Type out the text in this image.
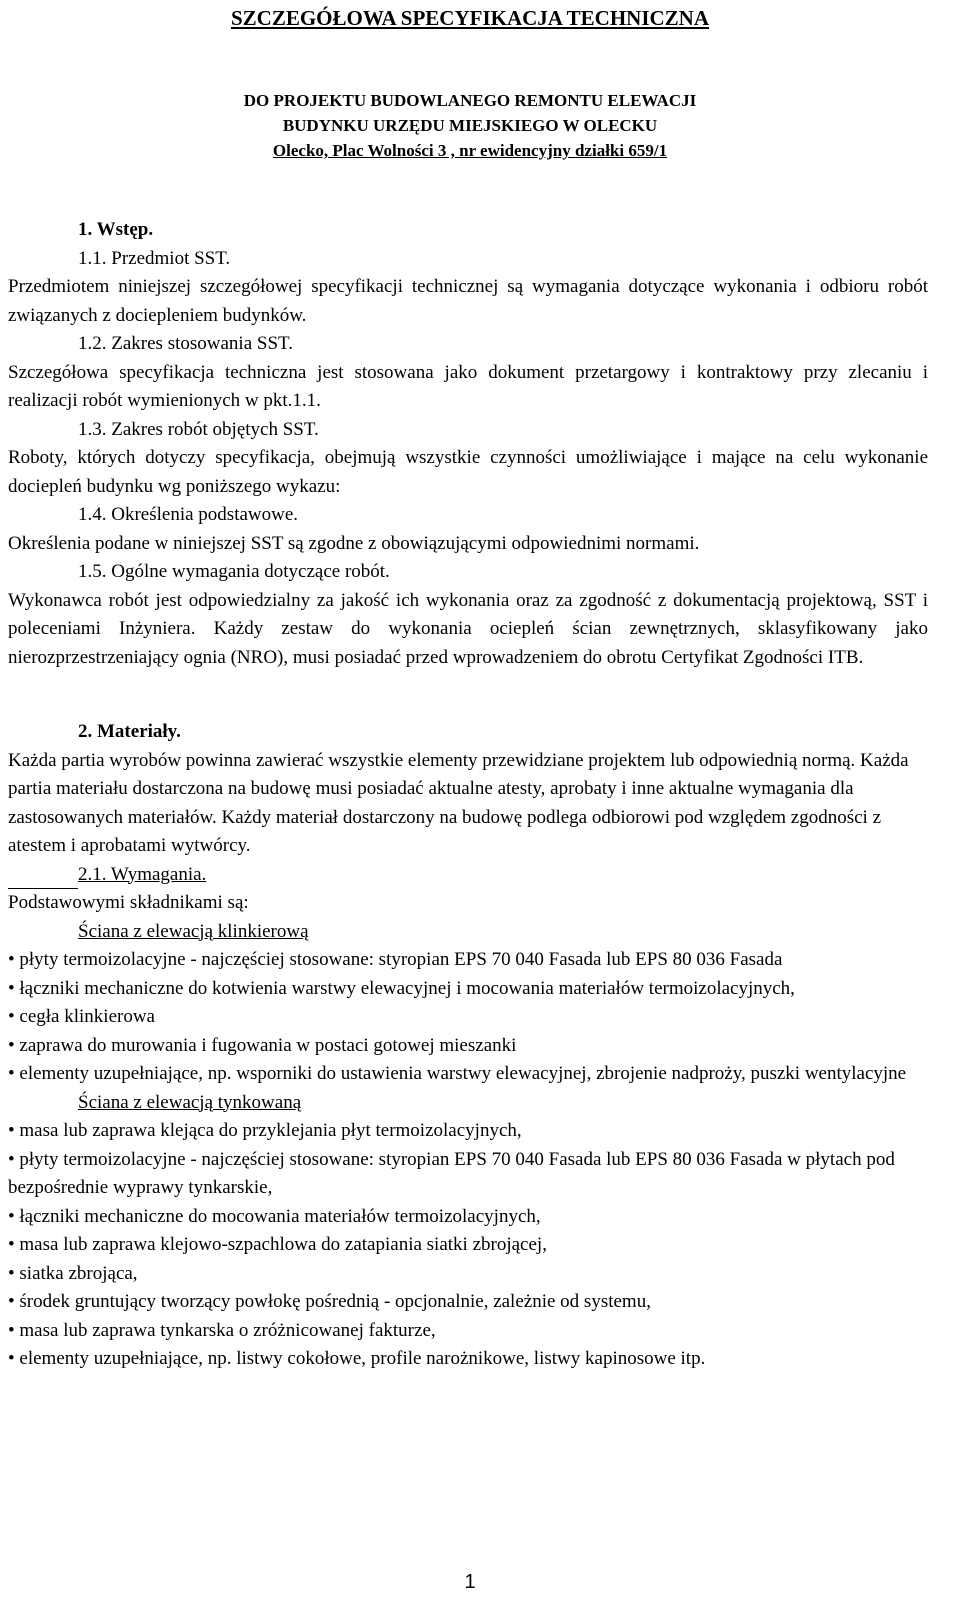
SZCZEGÓŁOWA SPECYFIKACJA TECHNICZNA
DO PROJEKTU BUDOWLANEGO REMONTU ELEWACJI
BUDYNKU URZĘDU MIEJSKIEGO W OLECKU
Olecko, Plac Wolności 3 , nr ewidencyjny działki 659/1

1. Wstęp.

1.1. Przedmiot SST.

Przedmiotem niniejszej szczegółowej specyfikacji technicznej są wymagania dotyczące wykonania i odbioru robót związanych z dociepleniem budynków.

1.2. Zakres stosowania SST.

Szczegółowa specyfikacja techniczna jest stosowana jako dokument przetargowy i kontraktowy przy zlecaniu i realizacji robót wymienionych w pkt.1.1.

1.3. Zakres robót objętych SST.

Roboty, których dotyczy specyfikacja, obejmują wszystkie czynności umożliwiające i mające na celu wykonanie dociepleń budynku wg poniższego wykazu:

1.4. Określenia podstawowe.

Określenia podane w niniejszej SST są zgodne z obowiązującymi odpowiednimi normami.

1.5. Ogólne wymagania dotyczące robót.

Wykonawca robót jest odpowiedzialny za jakość ich wykonania oraz za zgodność z dokumentacją projektową, SST i poleceniami Inżyniera. Każdy zestaw do wykonania ociepleń ścian zewnętrznych, sklasyfikowany jako nierozprzestrzeniający ognia (NRO), musi posiadać przed wprowadzeniem do obrotu Certyfikat Zgodności ITB.

2. Materiały.

Każda partia wyrobów powinna zawierać wszystkie elementy przewidziane projektem lub odpowiednią normą. Każda partia materiału dostarczona na budowę musi posiadać aktualne atesty, aprobaty i inne aktualne wymagania dla zastosowanych materiałów. Każdy materiał dostarczony na budowę podlega odbiorowi pod względem zgodności z atestem i aprobatami wytwórcy.

2.1. Wymagania.

Podstawowymi składnikami są:

Ściana z elewacją klinkierową

• płyty termoizolacyjne - najczęściej stosowane: styropian EPS 70 040 Fasada lub EPS 80 036 Fasada

• łączniki mechaniczne do kotwienia warstwy elewacyjnej i mocowania materiałów termoizolacyjnych,

• cegła klinkierowa

• zaprawa do murowania i fugowania w postaci gotowej mieszanki

• elementy uzupełniające, np. wsporniki do ustawienia warstwy elewacyjnej, zbrojenie nadproży, puszki wentylacyjne

Ściana z elewacją tynkowaną

• masa lub zaprawa klejąca do przyklejania płyt termoizolacyjnych,

• płyty termoizolacyjne - najczęściej stosowane: styropian EPS 70 040 Fasada lub EPS 80 036 Fasada w płytach pod bezpośrednie wyprawy tynkarskie,

• łączniki mechaniczne do mocowania materiałów termoizolacyjnych,

• masa lub zaprawa klejowo-szpachlowa do zatapiania siatki zbrojącej,

• siatka zbrojąca,

• środek gruntujący tworzący powłokę pośrednią - opcjonalnie, zależnie od systemu,

• masa lub zaprawa tynkarska o zróżnicowanej fakturze,

• elementy uzupełniające, np. listwy cokołowe, profile narożnikowe, listwy kapinosowe itp.

1
